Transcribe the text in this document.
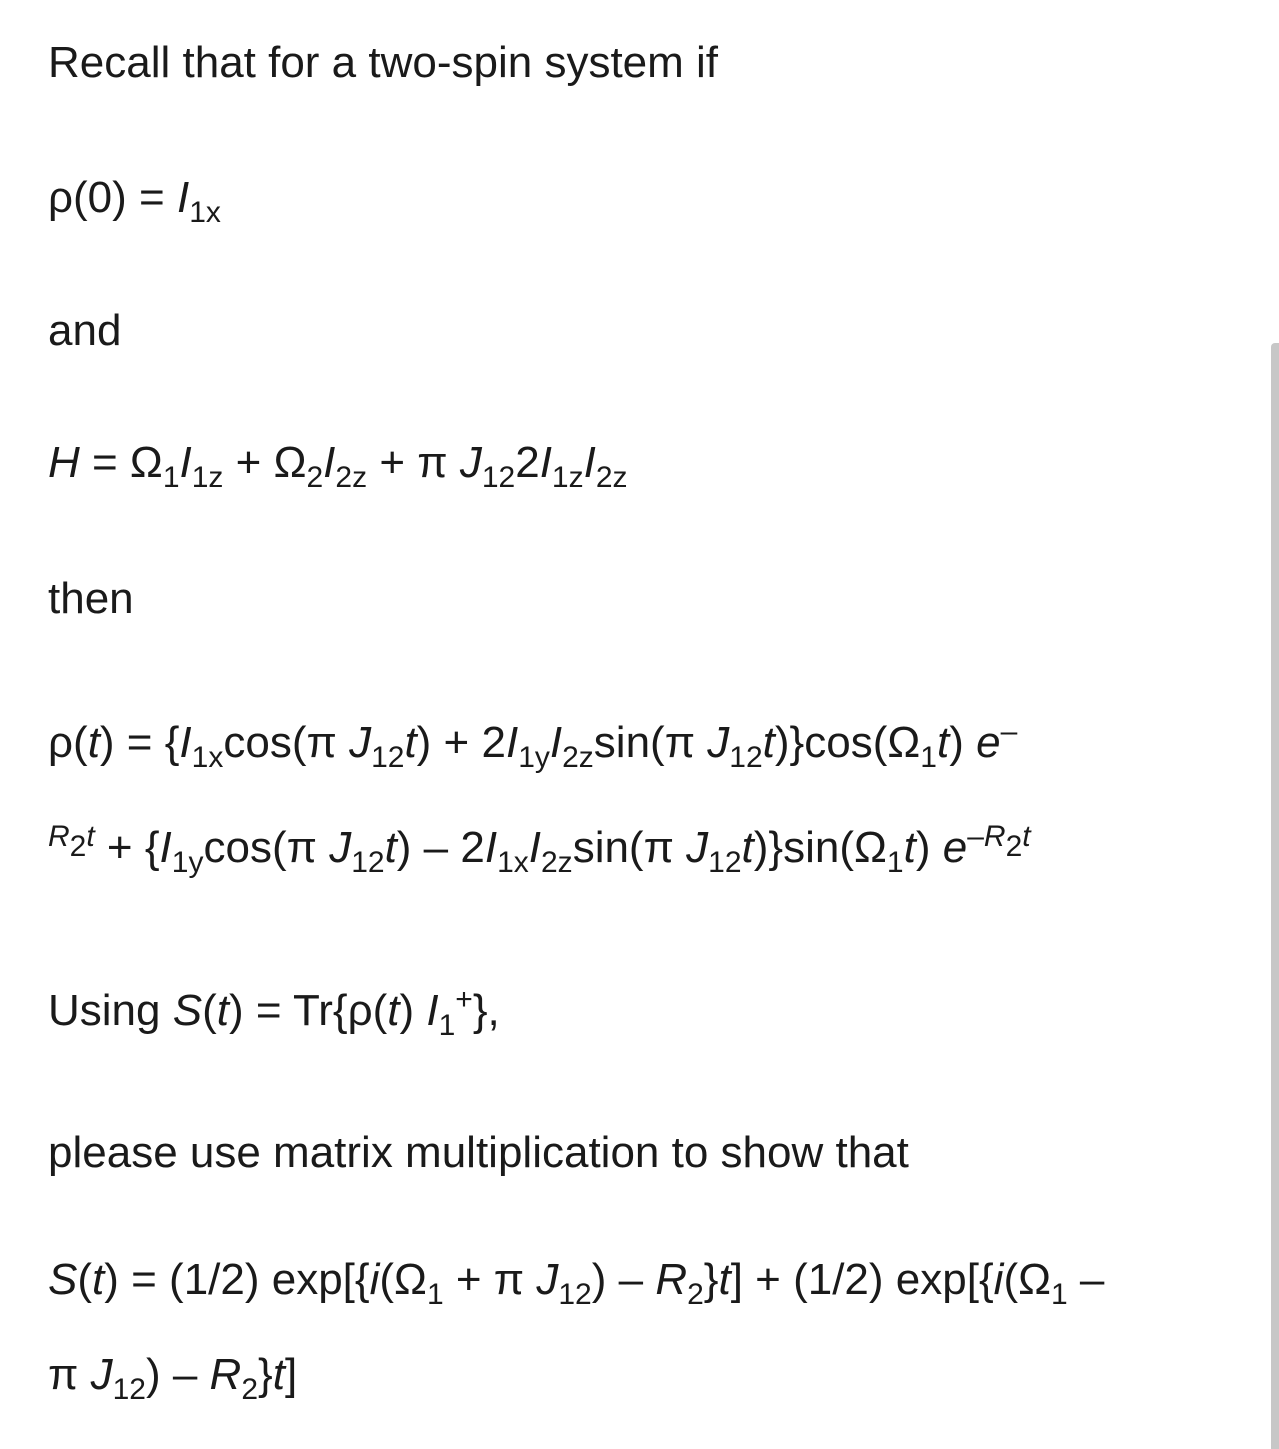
Recall that for a two-spin system if
$\rho(0) = I_{1x}$
and
$H = \Omega_1I_{1z} + \Omega_2I_{2z} + \pi$ $J_{12}2I_{1z}I_{2z}$
then
$\rho(t) = \{I_{1x}\cos(\pi$ $J_{12}t) + 2I_{1y}I_{2z}\sin(\pi$ $J_{12}t)\}\cos(\Omega_1t)$ e–
$^{R_2t} + \{I_{1y}\cos(\pi$ $J_{12}t) - 2I_{1x}I_{2z}\sin(\pi$ $J_{12}t)\}\sin(\Omega_1t)$ $e^{-R_2t}$
Using S(t) = Tr{ρ(t) $I_1^+$},
please use matrix multiplication to show that
S(t) = (1/2) $\exp[\{i(\Omega_1 + \pi$ $J_{12}) - R_2\}t] + (1/2)$ $\exp[\{i(\Omega_1$ –
π $J_{12}) - R_2\}t$]
